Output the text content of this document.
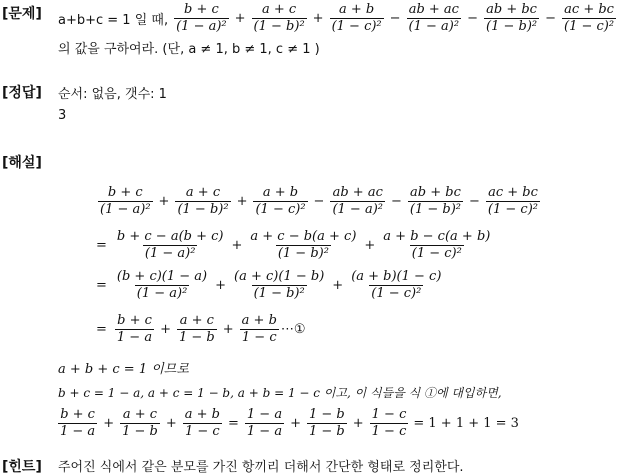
[문제] a+b+c = 1 일 때, $\frac{b + c}{\text{(1 − a)²}} + \frac{a + c}{\text{(1 − b)²}} + \frac{a + b}{\text{(1 − c)²}} - \frac{ab + ac}{\text{(1 − a)²}} - \frac{ab + bc}{\text{(1 − b)²}} - \frac{ac + bc}{\text{(1 − c)²}}$
의 값을 구하여라. (단, a ≠ 1, b ≠ 1, c ≠ 1 )
[정답] 순서: 없음, 갯수: 1
3
[해설]
$\frac{b + c}{\text{(1 − a)²}} + \frac{a + c}{\text{(1 − b)²}} + \frac{a + b}{\text{(1 − c)²}} - \frac{ab + ac}{\text{(1 − a)²}} - \frac{ab + bc}{\text{(1 − b)²}} - \frac{ac + bc}{\text{(1 − c)²}}$
= $\frac{b + c - a(b + c)}{\text{(1 − a)²}} + \frac{a + c - b(a + c)}{\text{(1 − b)²}} + \frac{a + b - c(a + b)}{\text{(1 − c)²}}$
= $\frac{(b + c)(1 - a)}{\text{(1 − a)²}} + \frac{(a + c)(1 - b)}{\text{(1 − b)²}} + \frac{(a + b)(1 - c)}{\text{(1 − c)²}}$
= $\frac{b + c}{1 - a} + \frac{a + c}{1 - b} + \frac{a + b}{1 - c}$ ⋯①
a + b + c = 1 이므로
b + c = 1 − a, a + c = 1 − b, a + b = 1 − c 이고, 이 식들을 식 ①에 대입하면,
$\frac{b + c}{1 - a} + \frac{a + c}{1 - b} + \frac{a + b}{1 - c} = \frac{1 - a}{1 - a} + \frac{1 - b}{1 - b} + \frac{1 - c}{1 - c} = 1 + 1 + 1 = 3$
[힌트] 주어진 식에서 같은 분모를 가진 항끼리 더해서 간단한 형태로 정리한다.
